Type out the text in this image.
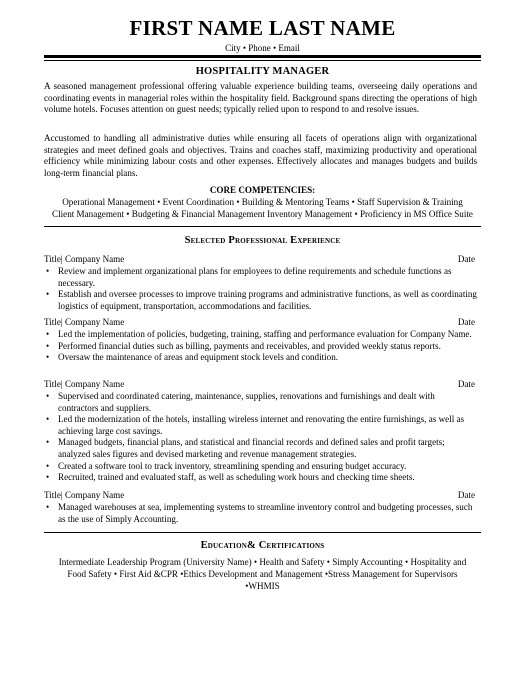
FIRST NAME LAST NAME
City • Phone • Email
HOSPITALITY MANAGER
A seasoned management professional offering valuable experience building teams, overseeing daily operations and coordinating events in managerial roles within the hospitality field. Background spans directing the operations of high volume hotels. Focuses attention on guest needs; typically relied upon to respond to and resolve issues.
Accustomed to handling all administrative duties while ensuring all facets of operations align with organizational strategies and meet defined goals and objectives. Trains and coaches staff, maximizing productivity and operational efficiency while minimizing labour costs and other expenses. Effectively allocates and manages budgets and builds long-term financial plans.
CORE COMPETENCIES:
Operational Management • Event Coordination • Building & Mentoring Teams • Staff Supervision & Training
Client Management • Budgeting & Financial Management Inventory Management • Proficiency in MS Office Suite
Selected Professional Experience
Title| Company Name	Date
• Review and implement organizational plans for employees to define requirements and schedule functions as necessary.
• Establish and oversee processes to improve training programs and administrative functions, as well as coordinating logistics of equipment, transportation, accommodations and facilities.
Title| Company Name	Date
• Led the implementation of policies, budgeting, training, staffing and performance evaluation for Company Name.
• Performed financial duties such as billing, payments and receivables, and provided weekly status reports.
• Oversaw the maintenance of areas and equipment stock levels and condition.
Title| Company Name	Date
• Supervised and coordinated catering, maintenance, supplies, renovations and furnishings and dealt with contractors and suppliers.
• Led the modernization of the hotels, installing wireless internet and renovating the entire furnishings, as well as achieving large cost savings.
• Managed budgets, financial plans, and statistical and financial records and defined sales and profit targets; analyzed sales figures and devised marketing and revenue management strategies.
• Created a software tool to track inventory, streamlining spending and ensuring budget accuracy.
• Recruited, trained and evaluated staff, as well as scheduling work hours and checking time sheets.
Title| Company Name	Date
• Managed warehouses at sea, implementing systems to streamline inventory control and budgeting processes, such as the use of Simply Accounting.
Education& Certifications
Intermediate Leadership Program (University Name) • Health and Safety • Simply Accounting • Hospitality and
Food Safety • First Aid &CPR •Ethics Development and Management •Stress Management for Supervisors
•WHMIS
